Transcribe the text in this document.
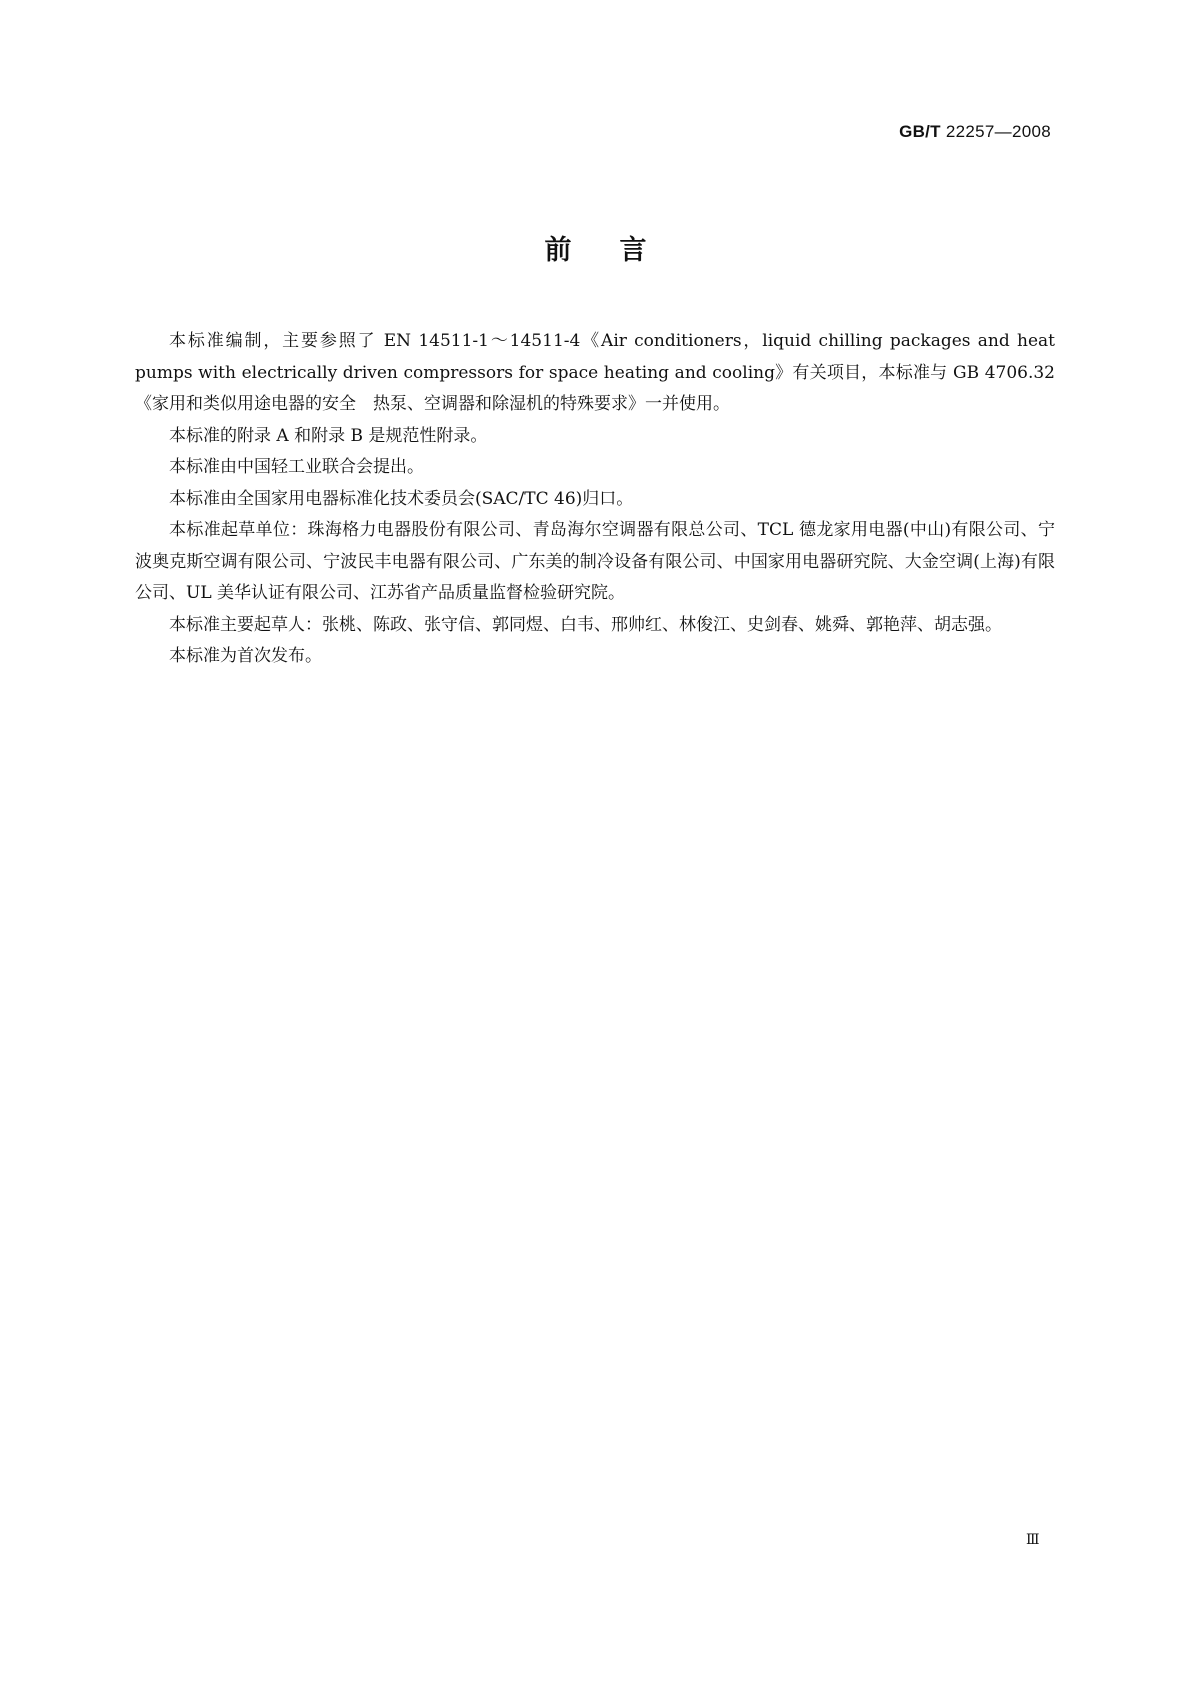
GB/T 22257—2008
前言

本标准编制，主要参照了 EN 14511-1～14511-4《Air conditioners，liquid chilling packages and heat pumps with electrically driven compressors for space heating and cooling》有关项目，本标准与 GB 4706.32《家用和类似用途电器的安全　热泵、空调器和除湿机的特殊要求》一并使用。

本标准的附录 A 和附录 B 是规范性附录。

本标准由中国轻工业联合会提出。

本标准由全国家用电器标准化技术委员会(SAC/TC 46)归口。

本标准起草单位：珠海格力电器股份有限公司、青岛海尔空调器有限总公司、TCL 德龙家用电器(中山)有限公司、宁波奥克斯空调有限公司、宁波民丰电器有限公司、广东美的制冷设备有限公司、中国家用电器研究院、大金空调(上海)有限公司、UL 美华认证有限公司、江苏省产品质量监督检验研究院。

本标准主要起草人：张桃、陈政、张守信、郭同煜、白韦、邢帅红、林俊江、史剑春、姚舜、郭艳萍、胡志强。

本标准为首次发布。

Ⅲ
